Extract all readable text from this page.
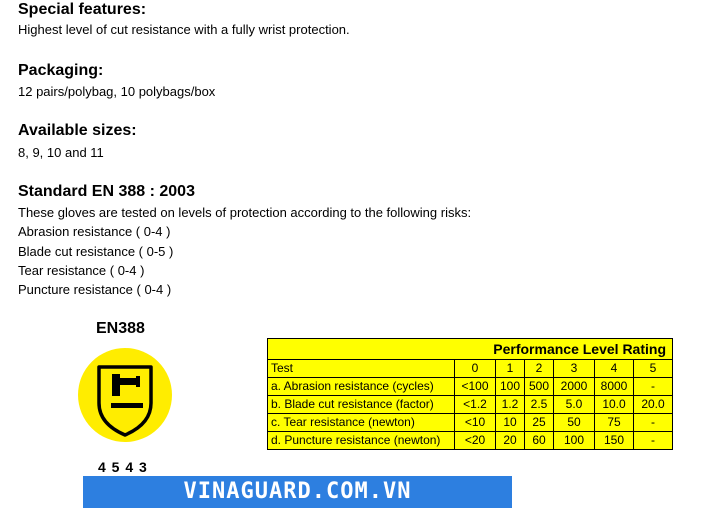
Special features:

Highest level of cut resistance with a fully wrist protection.

Packaging:

12 pairs/polybag, 10 polybags/box

Available sizes:

8, 9, 10 and 11

Standard EN 388 : 2003

These gloves are tested on levels of protection according to the following risks:

Abrasion resistance ( 0-4 )

Blade cut resistance ( 0-5 )

Tear resistance ( 0-4 )

Puncture resistance ( 0-4 )

EN388
4 5 4 3
Performance Level Rating						
Test	0	1	2	3	4	5
a. Abrasion resistance (cycles)	<100	100	500	2000	8000	-
b. Blade cut resistance (factor)	<1.2	1.2	2.5	5.0	10.0	20.0
c. Tear resistance (newton)	<10	10	25	50	75	-
d. Puncture resistance (newton)	<20	20	60	100	150	-
VINAGUARD.COM.VN
